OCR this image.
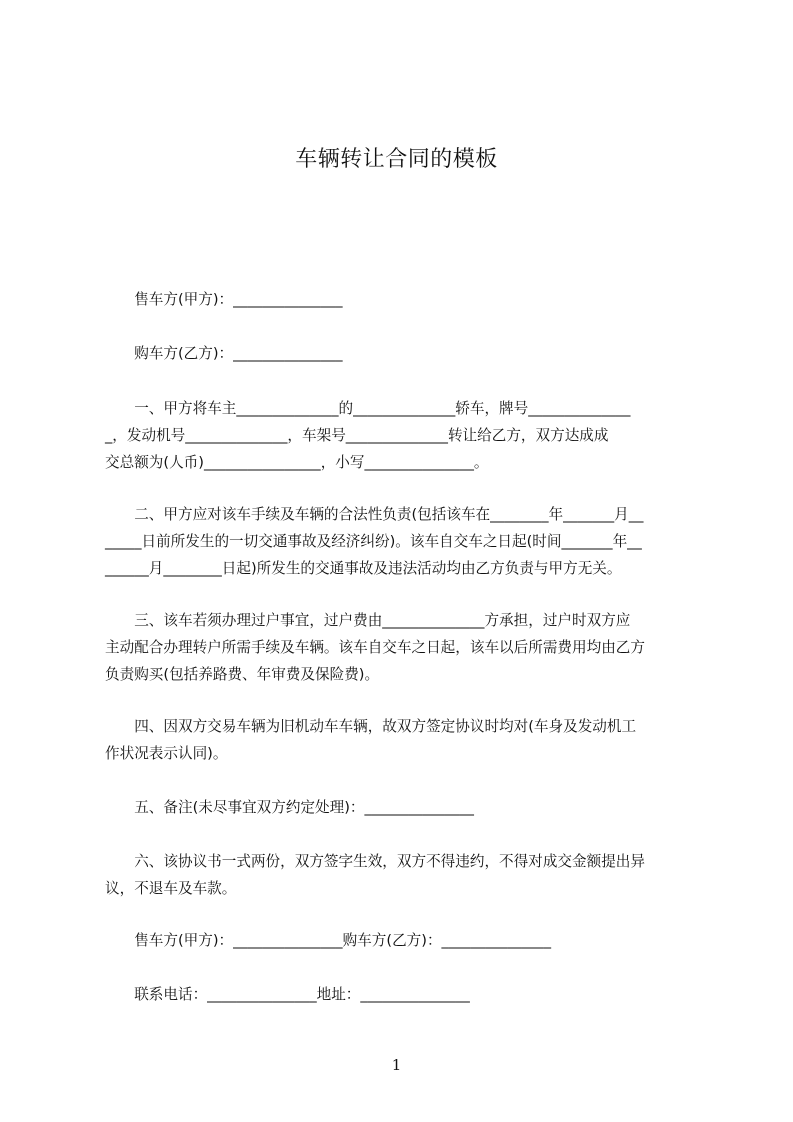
车辆转让合同的模板

　　售车方(甲方)：_______________

　　购车方(乙方)：_______________

　　一、甲方将车主______________的______________轿车，牌号______________

_，发动机号______________，车架号______________转让给乙方，双方达成成

交总额为(人币)________________，小写_______________。

　　二、甲方应对该车手续及车辆的合法性负责(包括该车在________年_______月__

_____日前所发生的一切交通事故及经济纠纷)。该车自交车之日起(时间_______年__

______月________日起)所发生的交通事故及违法活动均由乙方负责与甲方无关。

　　三、该车若须办理过户事宜，过户费由______________方承担，过户时双方应

主动配合办理转户所需手续及车辆。该车自交车之日起，该车以后所需费用均由乙方

负责购买(包括养路费、年审费及保险费)。

　　四、因双方交易车辆为旧机动车车辆，故双方签定协议时均对(车身及发动机工

作状况表示认同)。

　　五、备注(未尽事宜双方约定处理)：_______________

　　六、该协议书一式两份，双方签字生效，双方不得违约，不得对成交金额提出异

议，不退车及车款。

　　售车方(甲方)：_______________购车方(乙方)：_______________

　　联系电话：_______________地址：_______________

1
